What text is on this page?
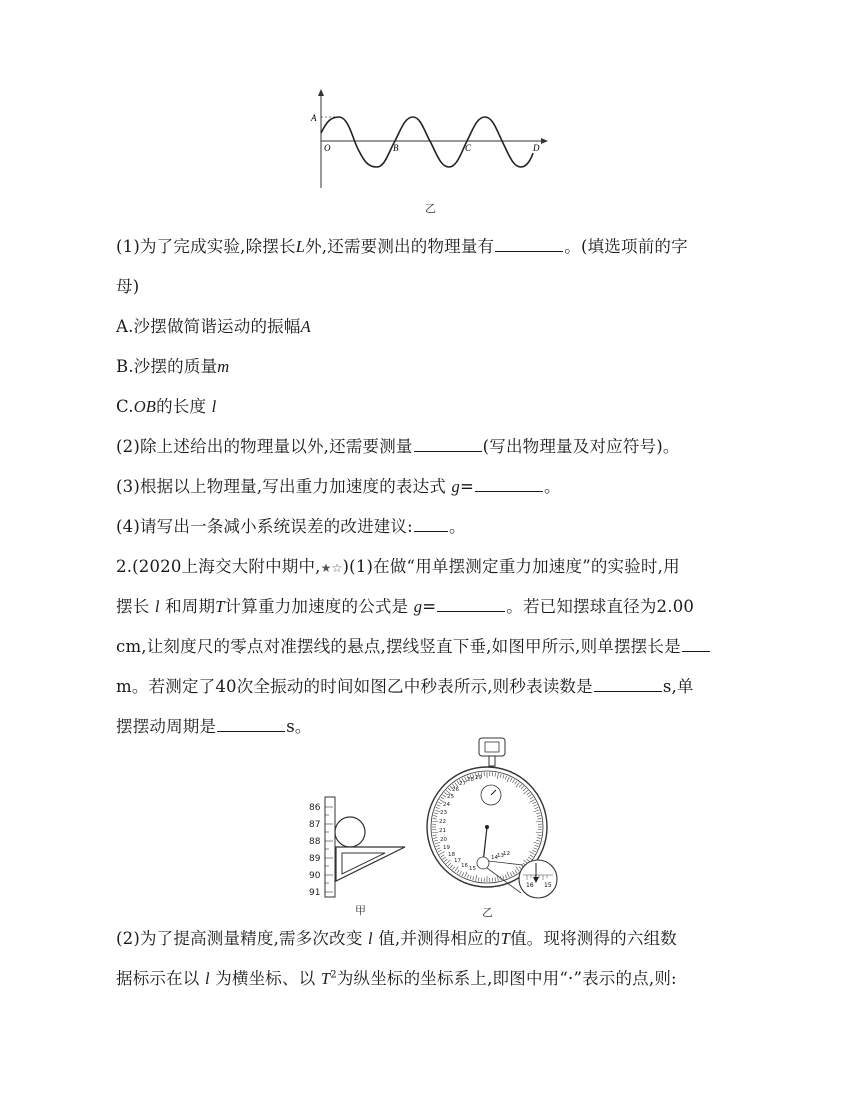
A
O	B	C	D
乙
(1)为了完成实验,除摆长L外,还需要测出的物理量有	。(填选项前的字
母)
A.沙摆做简谐运动的振幅A
B.沙摆的质量m
C.OB的长度 l
(2)除上述给出的物理量以外,还需要测量	(写出物理量及对应符号)。
(3)根据以上物理量,写出重力加速度的表达式 g=	。
(4)请写出一条减小系统误差的改进建议: 。
2.(2020上海交大附中期中,★☆)(1)在做“用单摆测定重力加速度”的实验时,用
摆长 l 和周期T计算重力加速度的公式是 g=	。若已知摆球直径为2.00
cm,让刻度尺的零点对准摆线的悬点,摆线竖直下垂,如图甲所示,则单摆摆长是
m。若测定了40次全振动的时间如图乙中秒表所示,则秒表读数是	s,单
摆摆动周期是	s。
86
87
88
89
90
91
甲
29
28
27
26
25
24
23
22
21
20
19
18
17
16 15
14 13 12
16 15
乙
(2)为了提高测量精度,需多次改变 l 值,并测得相应的T值。现将测得的六组数
据标示在以 l 为横坐标、以 $T^2$为纵坐标的坐标系上,即图中用“·”表示的点,则:
